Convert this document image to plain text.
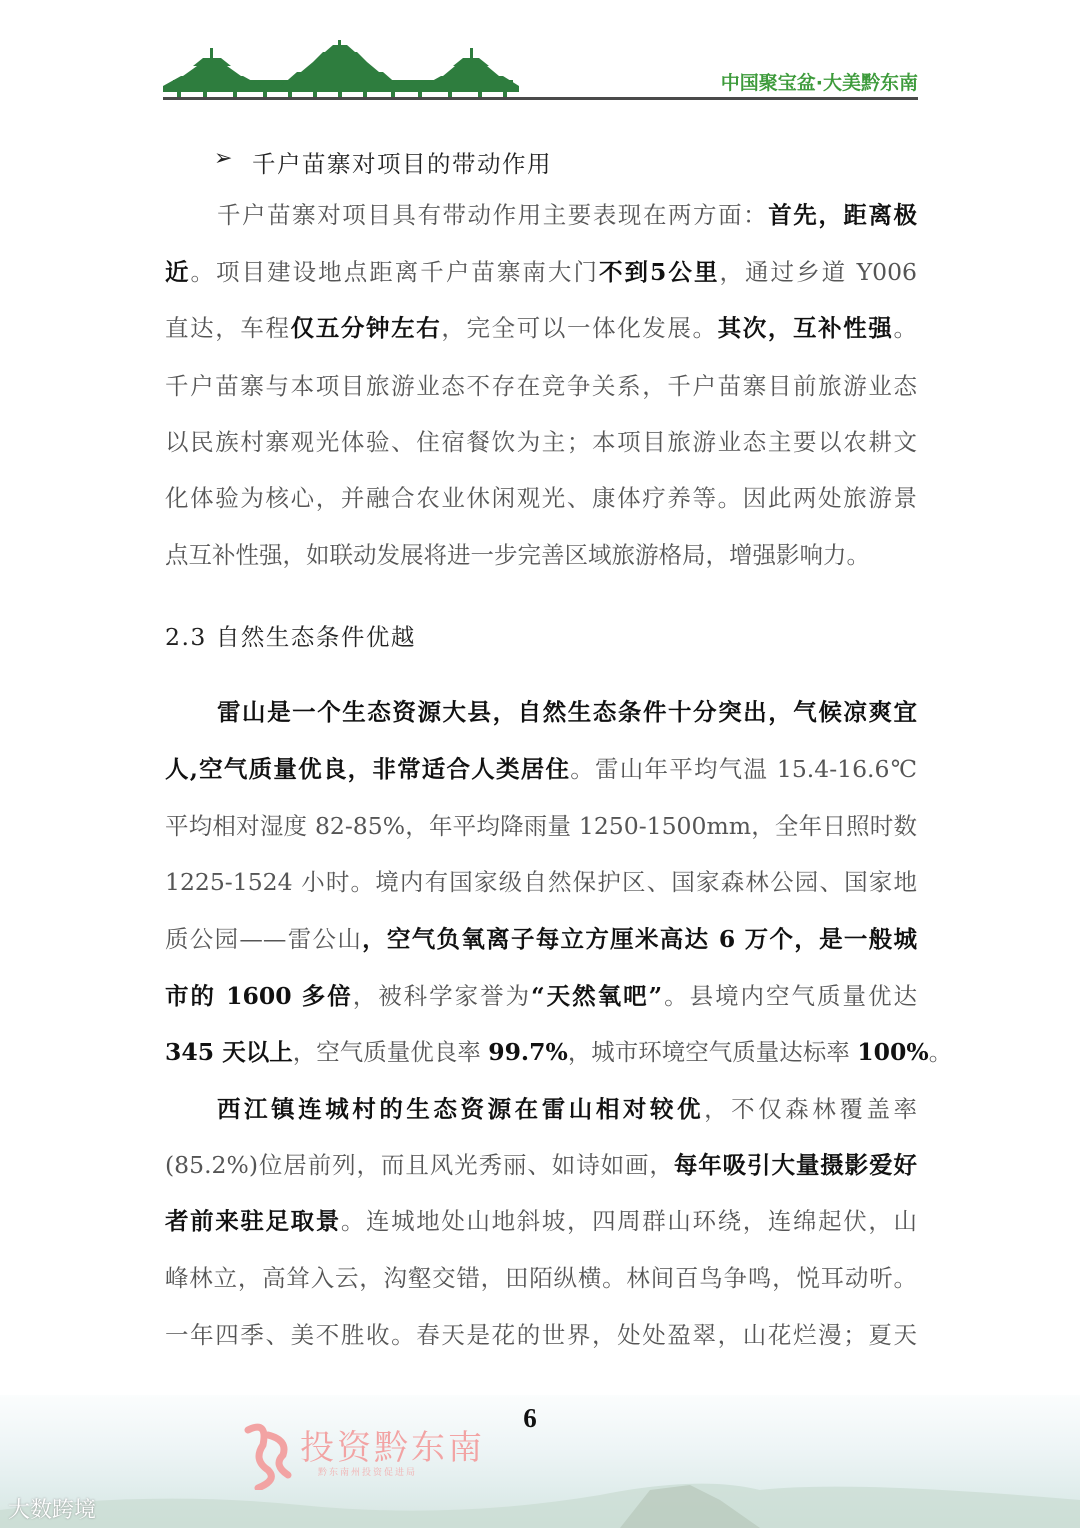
中国聚宝盆·大美黔东南
➢ 千户苗寨对项目的带动作用
2.3 自然生态条件优越
千户苗寨对项目具有带动作用主要表现在两方面：首先，距离极
近。项目建设地点距离千户苗寨南大门不到5公里，通过乡道 Y006
直达，车程仅五分钟左右，完全可以一体化发展。其次，互补性强。
千户苗寨与本项目旅游业态不存在竞争关系，千户苗寨目前旅游业态
以民族村寨观光体验、住宿餐饮为主；本项目旅游业态主要以农耕文
化体验为核心，并融合农业休闲观光、康体疗养等。因此两处旅游景
点互补性强，如联动发展将进一步完善区域旅游格局，增强影响力。
雷山是一个生态资源大县，自然生态条件十分突出，气候凉爽宜
人,空气质量优良，非常适合人类居住。雷山年平均气温 15.4-16.6℃
平均相对湿度 82-85%，年平均降雨量 1250-1500mm，全年日照时数
1225-1524 小时。境内有国家级自然保护区、国家森林公园、国家地
质公园——雷公山，空气负氧离子每立方厘米高达 6 万个，是一般城
市的 1600 多倍，被科学家誉为“天然氧吧”。县境内空气质量优达
345 天以上，空气质量优良率 99.7%，城市环境空气质量达标率 100%。
西江镇连城村的生态资源在雷山相对较优，不仅森林覆盖率
(85.2%)位居前列，而且风光秀丽、如诗如画，每年吸引大量摄影爱好
者前来驻足取景。连城地处山地斜坡，四周群山环绕，连绵起伏，山
峰林立，高耸入云，沟壑交错，田陌纵横。林间百鸟争鸣，悦耳动听。
一年四季、美不胜收。春天是花的世界，处处盈翠，山花烂漫；夏天
6
投资黔东南
黔东南州投资促进局
大数跨境
